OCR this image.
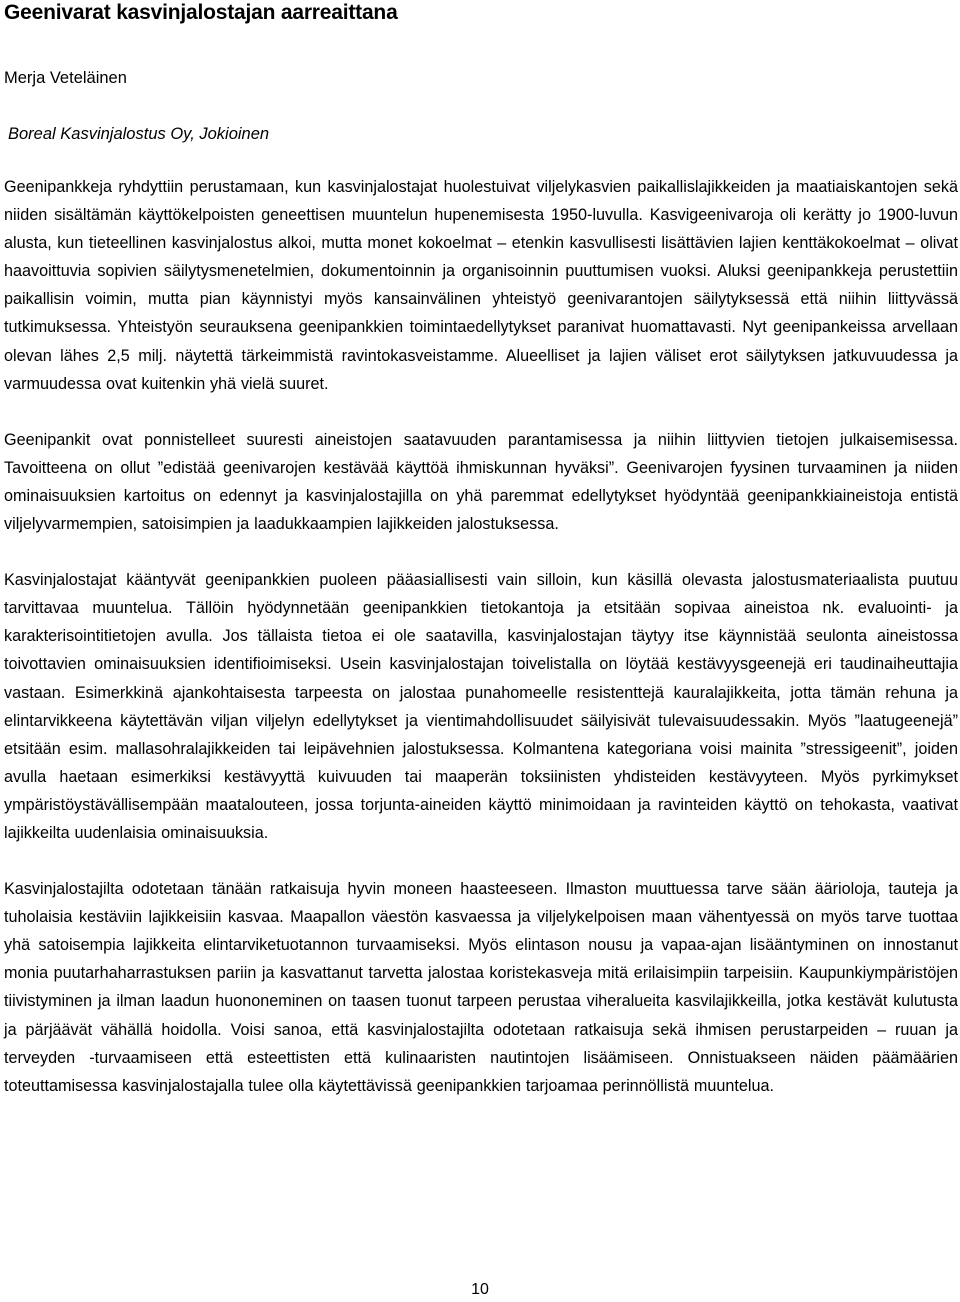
Geenivarat kasvinjalostajan aarreaittana

Merja Veteläinen

Boreal Kasvinjalostus Oy, Jokioinen

Geenipankkeja ryhdyttiin perustamaan, kun kasvinjalostajat huolestuivat viljelykasvien paikallislajikkeiden ja maatiaiskantojen sekä niiden sisältämän käyttökelpoisten geneettisen muuntelun hupenemisesta 1950-luvulla. Kasvigeenivaroja oli kerätty jo 1900-luvun alusta, kun tieteellinen kasvinjalostus alkoi, mutta monet kokoelmat – etenkin kasvullisesti lisättävien lajien kenttäkokoelmat – olivat haavoittuvia sopivien säilytysmenetelmien, dokumentoinnin ja organisoinnin puuttumisen vuoksi. Aluksi geenipankkeja perustettiin paikallisin voimin, mutta pian käynnistyi myös kansainvälinen yhteistyö geenivarantojen säilytyksessä että niihin liittyvässä tutkimuksessa. Yhteistyön seurauksena geenipankkien toimintaedellytykset paranivat huomattavasti. Nyt geenipankeissa arvellaan olevan lähes 2,5 milj. näytettä tärkeimmistä ravintokasveistamme. Alueelliset ja lajien väliset erot säilytyksen jatkuvuudessa ja varmuudessa ovat kuitenkin yhä vielä suuret.

Geenipankit ovat ponnistelleet suuresti aineistojen saatavuuden parantamisessa ja niihin liittyvien tietojen julkaisemisessa. Tavoitteena on ollut ”edistää geenivarojen kestävää käyttöä ihmiskunnan hyväksi”. Geenivarojen fyysinen turvaaminen ja niiden ominaisuuksien kartoitus on edennyt ja kasvinjalostajilla on yhä paremmat edellytykset hyödyntää geenipankkiaineistoja entistä viljelyvarmempien, satoisimpien ja laadukkaampien lajikkeiden jalostuksessa.

Kasvinjalostajat kääntyvät geenipankkien puoleen pääasiallisesti vain silloin, kun käsillä olevasta jalostusmateriaalista puutuu tarvittavaa muuntelua. Tällöin hyödynnetään geenipankkien tietokantoja ja etsitään sopivaa aineistoa nk. evaluointi- ja karakterisointitietojen avulla. Jos tällaista tietoa ei ole saatavilla, kasvinjalostajan täytyy itse käynnistää seulonta aineistossa toivottavien ominaisuuksien identifioimiseksi. Usein kasvinjalostajan toivelistalla on löytää kestävyysgeenejä eri taudinaiheuttajia vastaan. Esimerkkinä ajankohtaisesta tarpeesta on jalostaa punahomeelle resistenttejä kauralajikkeita, jotta tämän rehuna ja elintarvikkeena käytettävän viljan viljelyn edellytykset ja vientimahdollisuudet säilyisivät tulevaisuudessakin. Myös ”laatugeenejä” etsitään esim. mallasohralajikkeiden tai leipävehnien jalostuksessa. Kolmantena kategoriana voisi mainita ”stressigeenit”, joiden avulla haetaan esimerkiksi kestävyyttä kuivuuden tai maaperän toksiinisten yhdisteiden kestävyyteen. Myös pyrkimykset ympäristöystävällisempään maatalouteen, jossa torjunta-aineiden käyttö minimoidaan ja ravinteiden käyttö on tehokasta, vaativat lajikkeilta uudenlaisia ominaisuuksia.

Kasvinjalostajilta odotetaan tänään ratkaisuja hyvin moneen haasteeseen. Ilmaston muuttuessa tarve sään äärioloja, tauteja ja tuholaisia kestäviin lajikkeisiin kasvaa. Maapallon väestön kasvaessa ja viljelykelpoisen maan vähentyessä on myös tarve tuottaa yhä satoisempia lajikkeita elintarviketuotannon turvaamiseksi. Myös elintason nousu ja vapaa-ajan lisääntyminen on innostanut monia puutarhaharrastuksen pariin ja kasvattanut tarvetta jalostaa koristekasveja mitä erilaisimpiin tarpeisiin. Kaupunkiympäristöjen tiivistyminen ja ilman laadun huononeminen on taasen tuonut tarpeen perustaa viheralueita kasvilajikkeilla, jotka kestävät kulutusta ja pärjäävät vähällä hoidolla. Voisi sanoa, että kasvinjalostajilta odotetaan ratkaisuja sekä ihmisen perustarpeiden – ruuan ja terveyden -turvaamiseen että esteettisten että kulinaaristen nautintojen lisäämiseen. Onnistuakseen näiden päämäärien toteuttamisessa kasvinjalostajalla tulee olla käytettävissä geenipankkien tarjoamaa perinnöllistä muuntelua.

10
